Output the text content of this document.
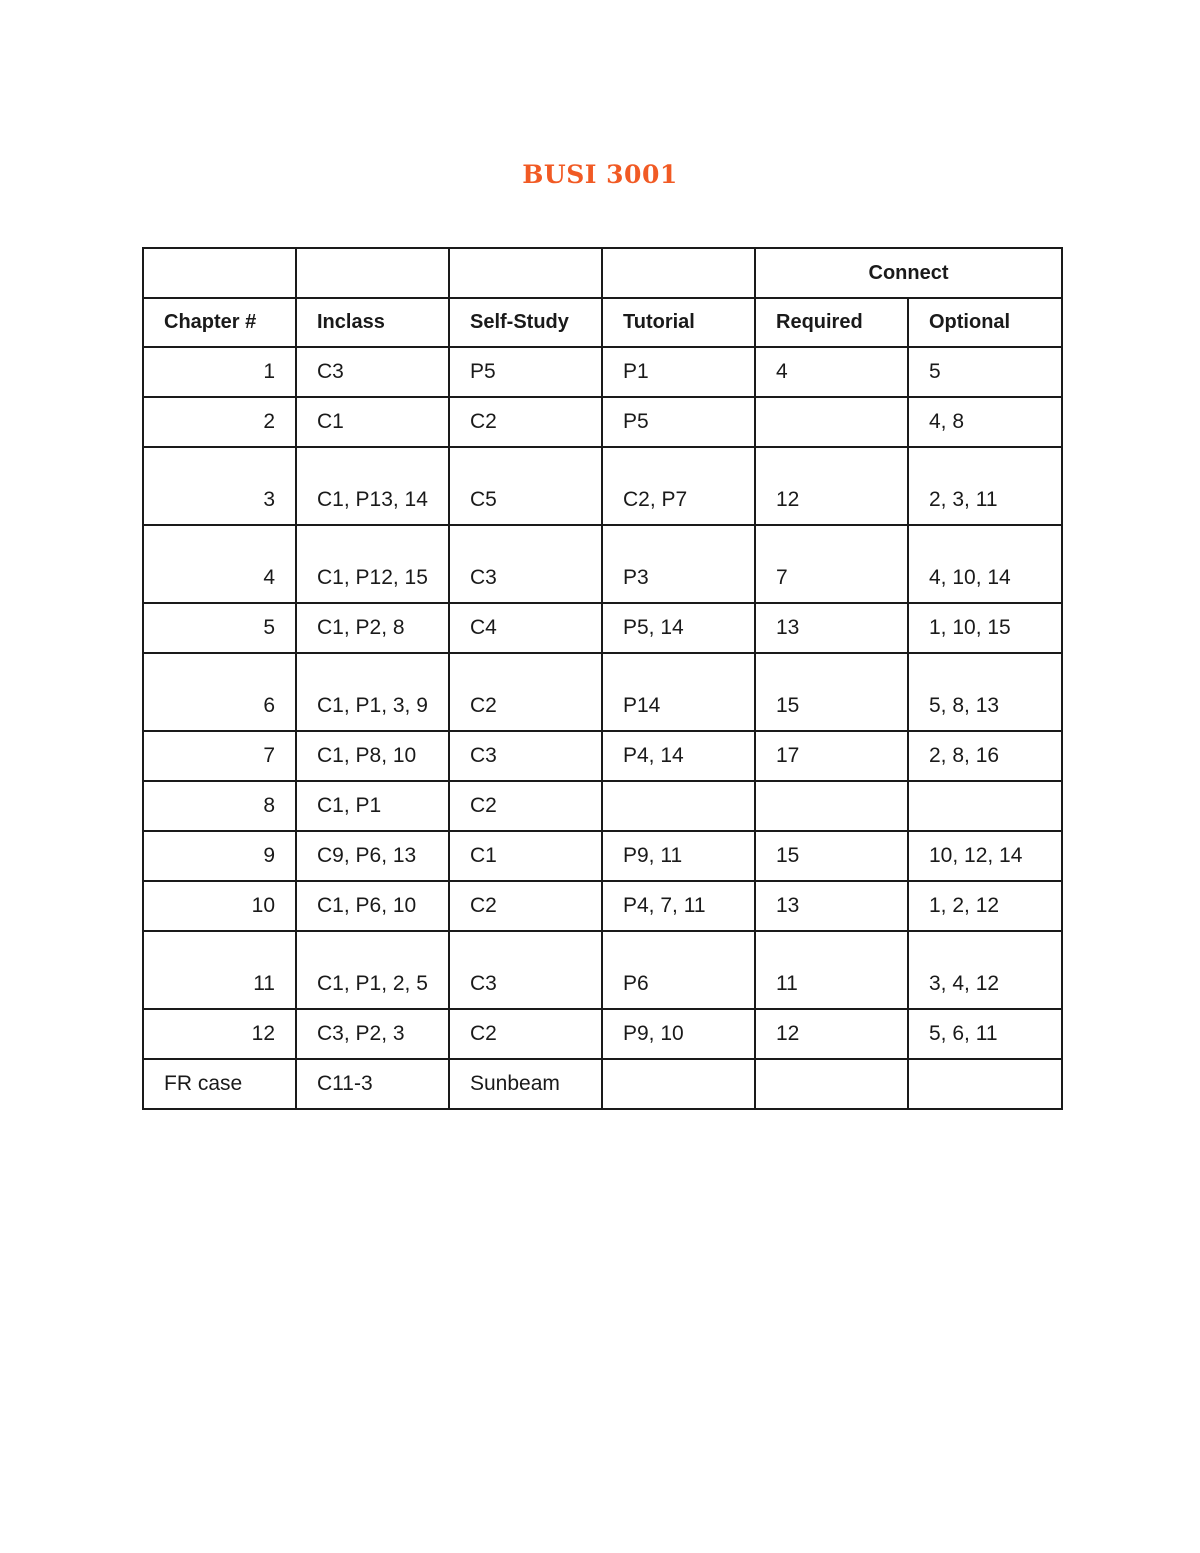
BUSI 3001
				Connect	
Chapter #	Inclass	Self-Study	Tutorial	Required	Optional
1	C3	P5	P1	4	5
2	C1	C2	P5		4, 8
3	C1, P13, 14	C5	C2, P7	12	2, 3, 11
4	C1, P12, 15	C3	P3	7	4, 10, 14
5	C1, P2, 8	C4	P5, 14	13	1, 10, 15
6	C1, P1, 3, 9	C2	P14	15	5, 8, 13
7	C1, P8, 10	C3	P4, 14	17	2, 8, 16
8	C1, P1	C2			
9	C9, P6, 13	C1	P9, 11	15	10, 12, 14
10	C1, P6, 10	C2	P4, 7, 11	13	1, 2, 12
11	C1, P1, 2, 5	C3	P6	11	3, 4, 12
12	C3, P2, 3	C2	P9, 10	12	5, 6, 11
FR case	C11-3	Sunbeam			
